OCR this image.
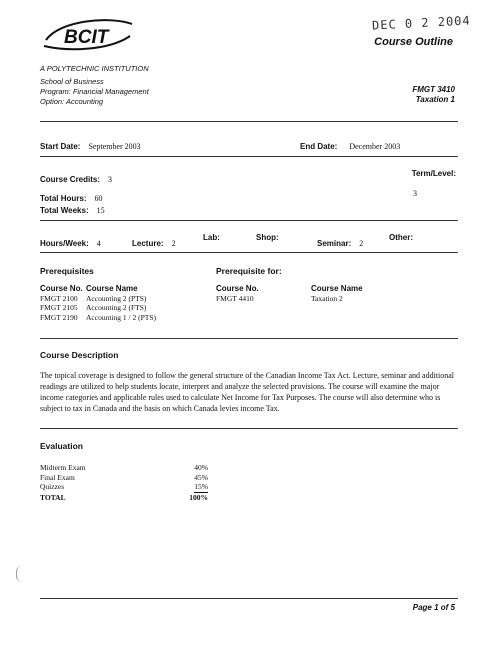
BCIT
DEC 0 2 2004
Course Outline
A POLYTECHNIC INSTITUTION
School of Business
Program: Financial Management
Option: Accounting
FMGT 3410
Taxation 1
Start Date: September 2003	End Date: December 2003
Course Credits: 3
Term/Level:
3
Total Hours: 60
Total Weeks: 15
Hours/Week: 4	Lecture: 2
Lab:	Shop:
Seminar: 2
Other:
Prerequisites
Course No. Course Name
FMGT 2100	Accounting 2 (PTS)
FMGT 2105	Accounting 2 (FTS)
FMGT 2190	Accounting 1 / 2 (PTS)
Prerequisite for:
Course No.	Course Name
FMGT 4410	Taxation 2
Course Description
The topical coverage is designed to follow the general structure of the Canadian Income Tax Act. Lecture, seminar and additional readings are utilized to help students locate, interpret and analyze the selected provisions. The course will examine the major income categories and applicable rules used to calculate Net Income for Tax Purposes. The course will also determine who is subject to tax in Canada and the basis on which Canada levies income Tax.
Evaluation
Midterm Exam	40%
Final Exam	45%
Quizzes	15%
TOTAL	100%
Page 1 of 5
